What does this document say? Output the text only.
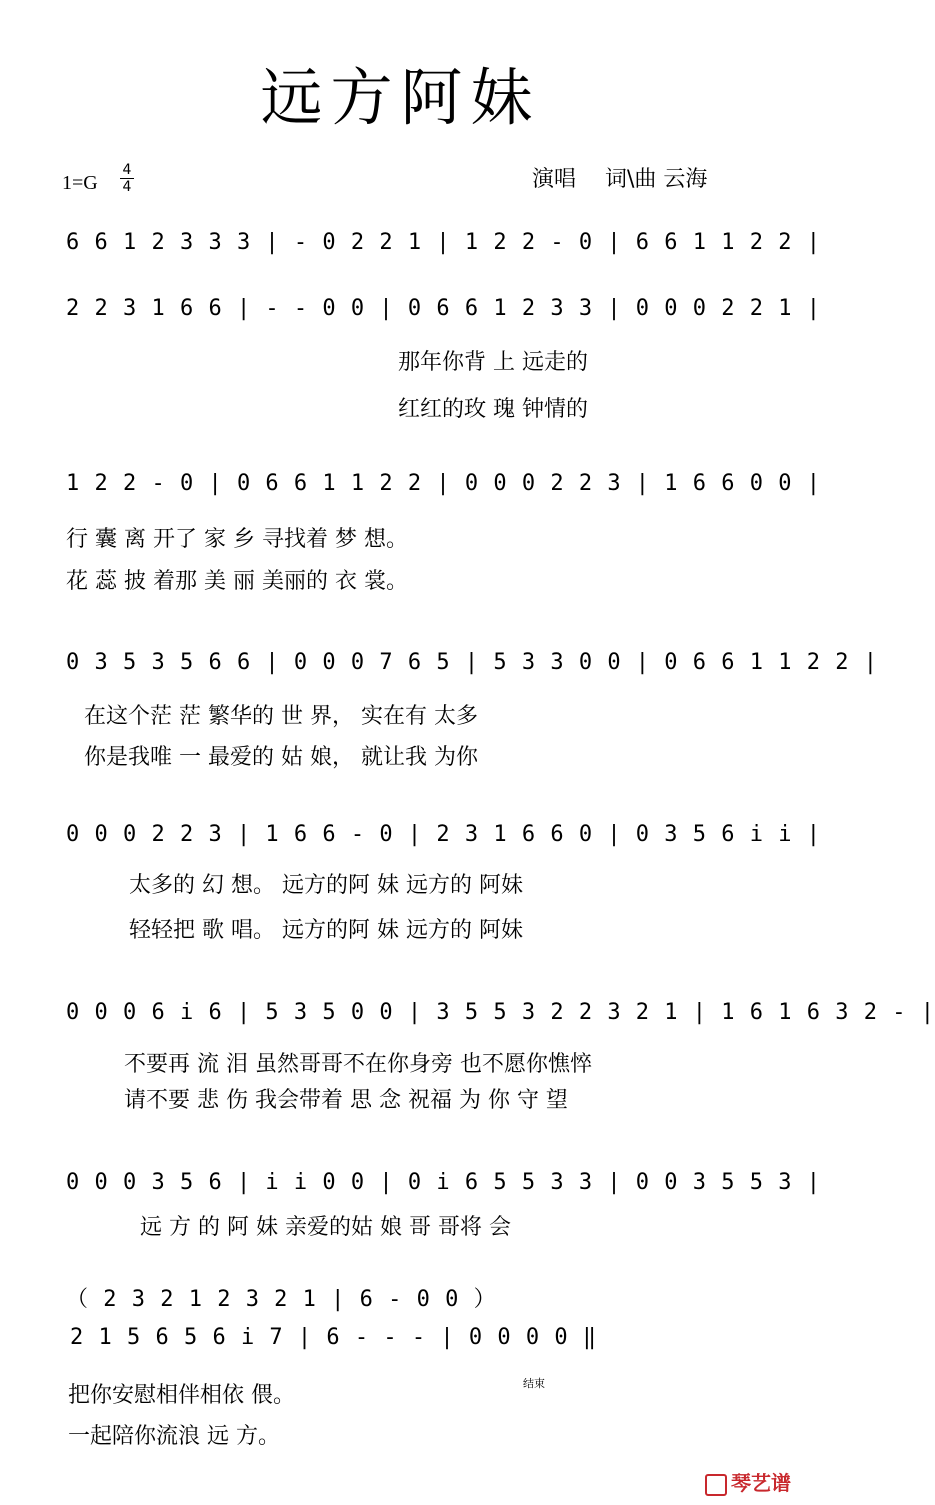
远方阿妹
1=G
4
4	演唱　 词\曲 云海
6 6 1 2 3 3 3 | - 0 2 2 1 | 1 2 2 - 0 | 6 6 1 1 2 2 |
2 2 3 1 6 6 | - - 0 0 | 0 6 6 1 2 3 3 | 0 0 0 2 2 1 |
那年你背 上 远走的
红红的玫 瑰 钟情的
1 2 2 - 0 | 0 6 6 1 1 2 2 | 0 0 0 2 2 3 | 1 6 6 0 0 |
行 囊 离 开了 家 乡 寻找着 梦 想。
花 蕊 披 着那 美 丽 美丽的 衣 裳。
0 3 5 3 5 6 6 | 0 0 0 7 6 5 | 5 3 3 0 0 | 0 6 6 1 1 2 2 |
在这个茫 茫 繁华的 世 界， 实在有 太多
你是我唯 一 最爱的 姑 娘， 就让我 为你
0 0 0 2 2 3 | 1 6 6 - 0 | 2 3 1 6 6 0 | 0 3 5 6 i i |
太多的 幻 想。 远方的阿 妹 远方的 阿妹
轻轻把 歌 唱。 远方的阿 妹 远方的 阿妹
0 0 0 6 i 6 | 5 3 5 0 0 | 3 5 5 3 2 2 3 2 1 | 1 6 1 6 3 2 - |
不要再 流 泪 虽然哥哥不在你身旁 也不愿你憔悴
请不要 悲 伤 我会带着 思 念 祝福 为 你 守 望
0 0 0 3 5 6 | i i 0 0 | 0 i 6 5 5 3 3 | 0 0 3 5 5 3 |
远 方 的 阿 妹 亲爱的姑 娘 哥 哥将 会
（ 2 3 2 1 2 3 2 1 | 6 - 0 0 ）
2 1 5 6 5 6 i 7 | 6 - - - | 0 0 0 0 ‖
结束
把你安慰相伴相依 偎。
一起陪你流浪 远 方。
琴艺谱
